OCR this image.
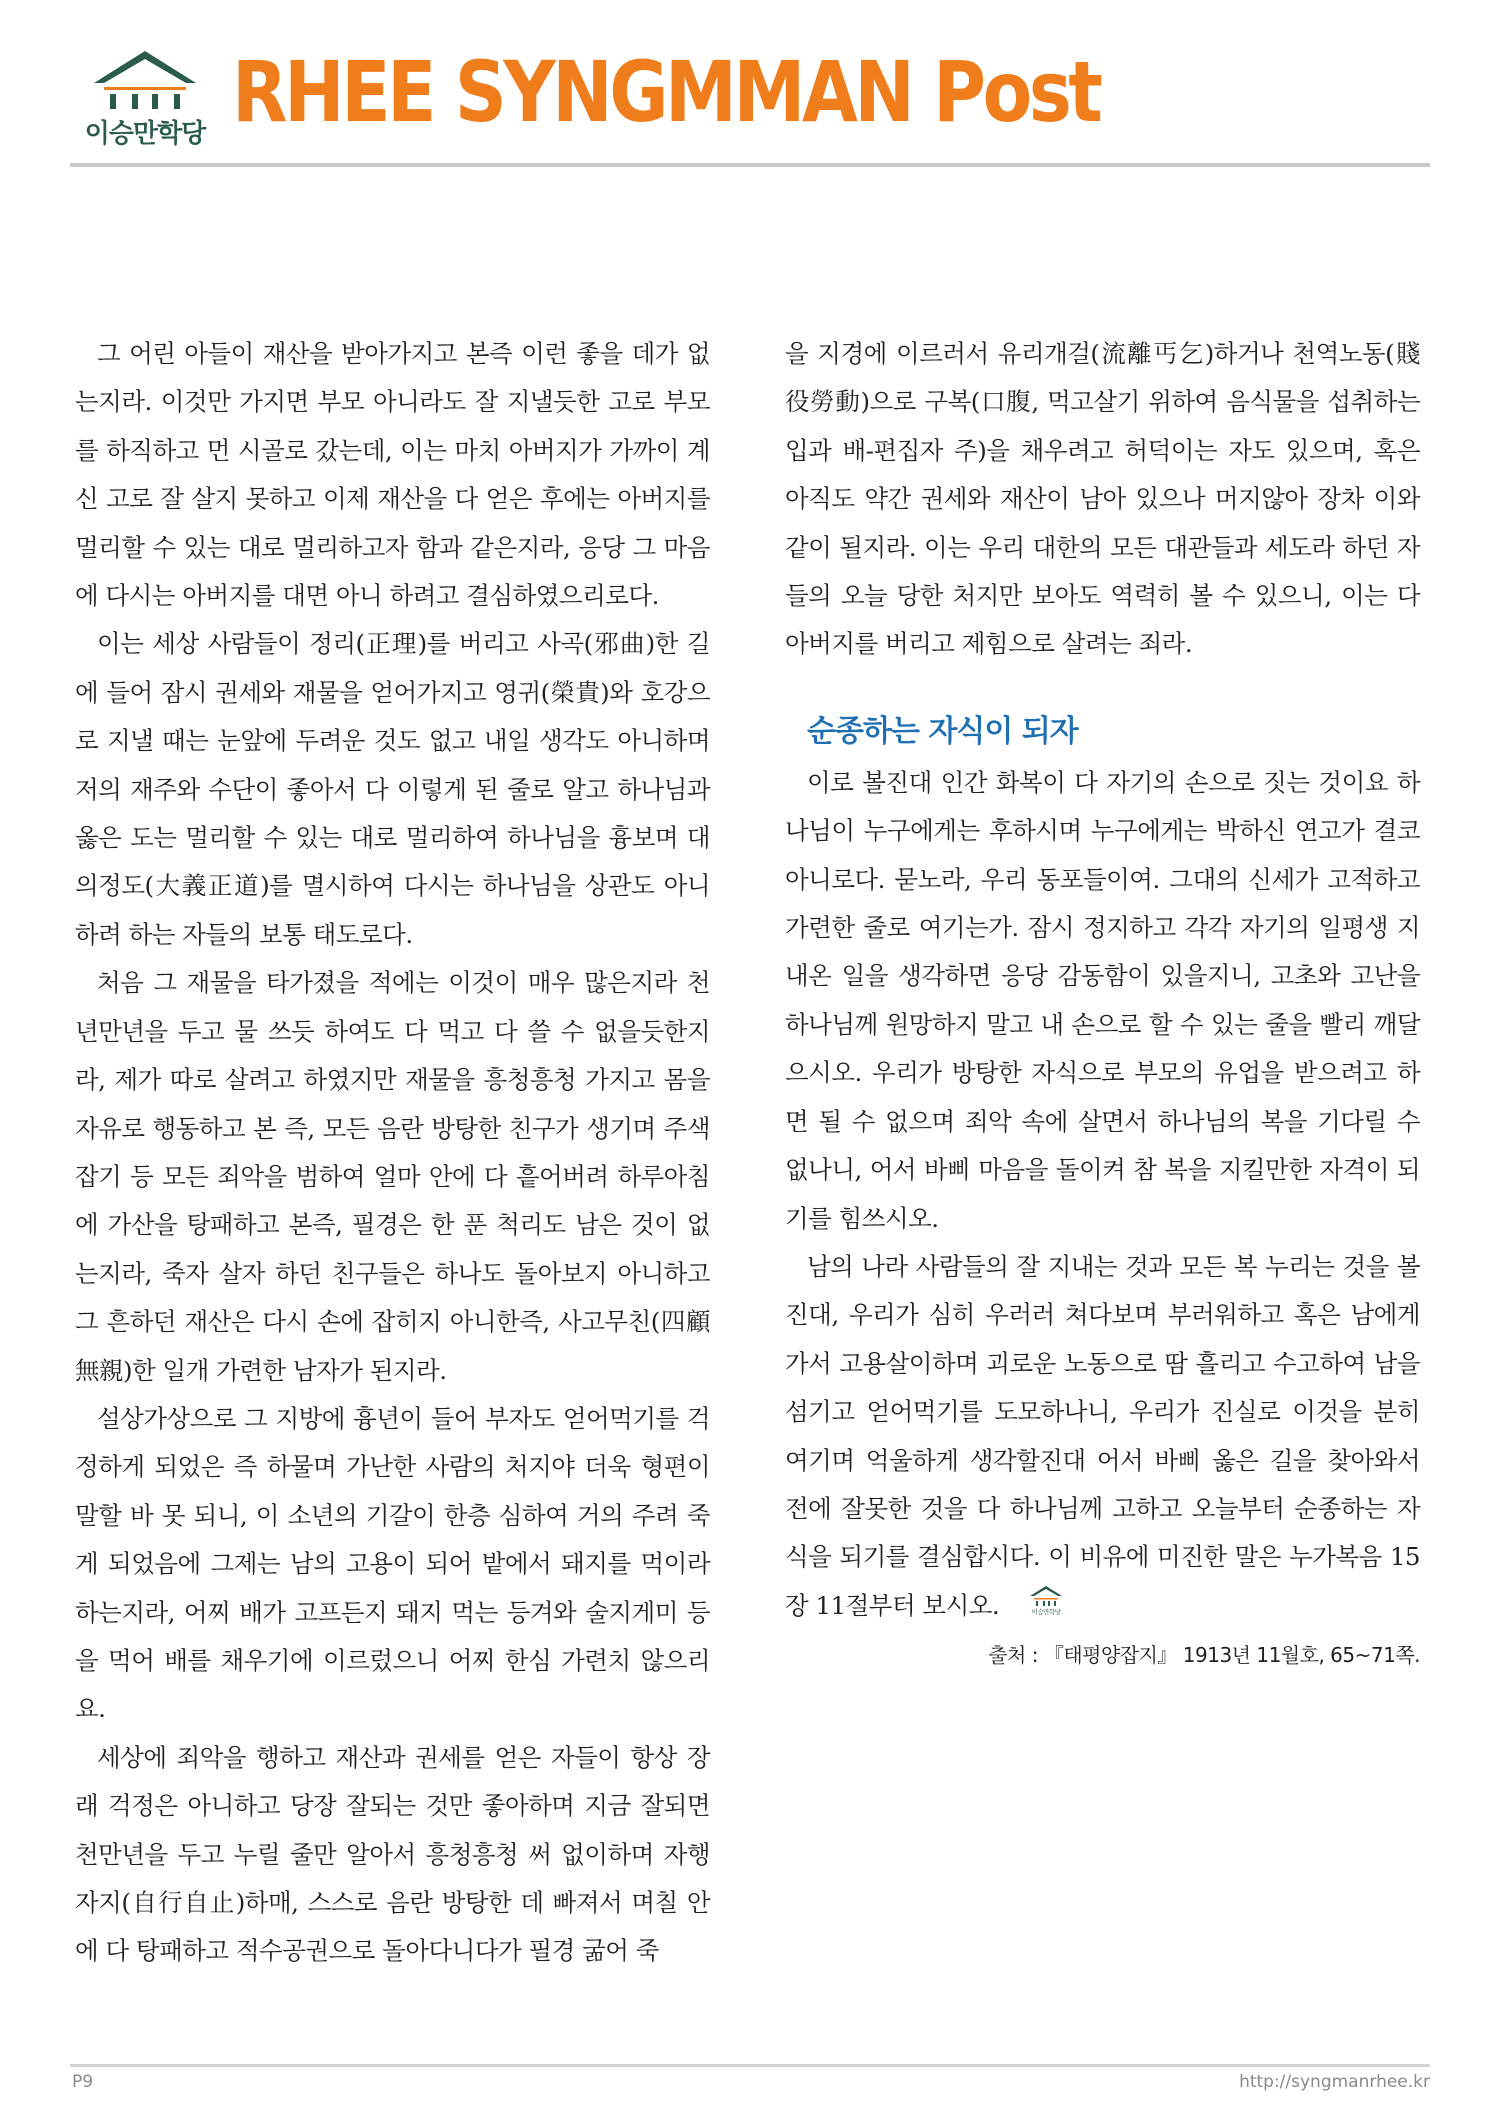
이승만학당 RHEE SYNGMMAN Post

그 어린 아들이 재산을 받아가지고 본즉 이런 좋을 데가 없는지라. 이것만 가지면 부모 아니라도 잘 지낼듯한 고로 부모를 하직하고 먼 시골로 갔는데, 이는 마치 아버지가 가까이 계신 고로 잘 살지 못하고 이제 재산을 다 얻은 후에는 아버지를 멀리할 수 있는 대로 멀리하고자 함과 같은지라, 응당 그 마음에 다시는 아버지를 대면 아니 하려고 결심하였으리로다.

이는 세상 사람들이 정리(正理)를 버리고 사곡(邪曲)한 길에 들어 잠시 권세와 재물을 얻어가지고 영귀(榮貴)와 호강으로 지낼 때는 눈앞에 두려운 것도 없고 내일 생각도 아니하며 저의 재주와 수단이 좋아서 다 이렇게 된 줄로 알고 하나님과 옳은 도는 멀리할 수 있는 대로 멀리하여 하나님을 흉보며 대의정도(大義正道)를 멸시하여 다시는 하나님을 상관도 아니하려 하는 자들의 보통 태도로다.

처음 그 재물을 타가졌을 적에는 이것이 매우 많은지라 천년만년을 두고 물 쓰듯 하여도 다 먹고 다 쓸 수 없을듯한지라, 제가 따로 살려고 하였지만 재물을 흥청흥청 가지고 몸을 자유로 행동하고 본 즉, 모든 음란 방탕한 친구가 생기며 주색잡기 등 모든 죄악을 범하여 얼마 안에 다 흩어버려 하루아침에 가산을 탕패하고 본즉, 필경은 한 푼 척리도 남은 것이 없는지라, 죽자 살자 하던 친구들은 하나도 돌아보지 아니하고 그 흔하던 재산은 다시 손에 잡히지 아니한즉, 사고무친(四顧無親)한 일개 가련한 남자가 된지라.

설상가상으로 그 지방에 흉년이 들어 부자도 얻어먹기를 걱정하게 되었은 즉 하물며 가난한 사람의 처지야 더욱 형편이 말할 바 못 되니, 이 소년의 기갈이 한층 심하여 거의 주려 죽게 되었음에 그제는 남의 고용이 되어 밭에서 돼지를 먹이라 하는지라, 어찌 배가 고프든지 돼지 먹는 등겨와 술지게미 등을 먹어 배를 채우기에 이르렀으니 어찌 한심 가련치 않으리요.

세상에 죄악을 행하고 재산과 권세를 얻은 자들이 항상 장래 걱정은 아니하고 당장 잘되는 것만 좋아하며 지금 잘되면 천만년을 두고 누릴 줄만 알아서 흥청흥청 써 없이하며 자행자지(自行自止)하매, 스스로 음란 방탕한 데 빠져서 며칠 안에 다 탕패하고 적수공권으로 돌아다니다가 필경 굶어 죽

을 지경에 이르러서 유리개걸(流離丐乞)하거나 천역노동(賤役勞動)으로 구복(口腹, 먹고살기 위하여 음식물을 섭취하는 입과 배-편집자 주)을 채우려고 허덕이는 자도 있으며, 혹은 아직도 약간 권세와 재산이 남아 있으나 머지않아 장차 이와 같이 될지라. 이는 우리 대한의 모든 대관들과 세도라 하던 자들의 오늘 당한 처지만 보아도 역력히 볼 수 있으니, 이는 다 아버지를 버리고 제힘으로 살려는 죄라.

순종하는 자식이 되자

이로 볼진대 인간 화복이 다 자기의 손으로 짓는 것이요 하나님이 누구에게는 후하시며 누구에게는 박하신 연고가 결코 아니로다. 묻노라, 우리 동포들이여. 그대의 신세가 고적하고 가련한 줄로 여기는가. 잠시 정지하고 각각 자기의 일평생 지내온 일을 생각하면 응당 감동함이 있을지니, 고초와 고난을 하나님께 원망하지 말고 내 손으로 할 수 있는 줄을 빨리 깨달으시오. 우리가 방탕한 자식으로 부모의 유업을 받으려고 하면 될 수 없으며 죄악 속에 살면서 하나님의 복을 기다릴 수 없나니, 어서 바삐 마음을 돌이켜 참 복을 지킬만한 자격이 되기를 힘쓰시오.

남의 나라 사람들의 잘 지내는 것과 모든 복 누리는 것을 볼진대, 우리가 심히 우러러 쳐다보며 부러워하고 혹은 남에게 가서 고용살이하며 괴로운 노동으로 땀 흘리고 수고하여 남을 섬기고 얻어먹기를 도모하나니, 우리가 진실로 이것을 분히 여기며 억울하게 생각할진대 어서 바삐 옳은 길을 찾아와서 전에 잘못한 것을 다 하나님께 고하고 오늘부터 순종하는 자식을 되기를 결심합시다. 이 비유에 미진한 말은 누가복음 15장 11절부터 보시오.	이승만학당

출처 : 『태평양잡지』 1913년 11월호, 65~71쪽.
P9	http://syngmanrhee.kr
